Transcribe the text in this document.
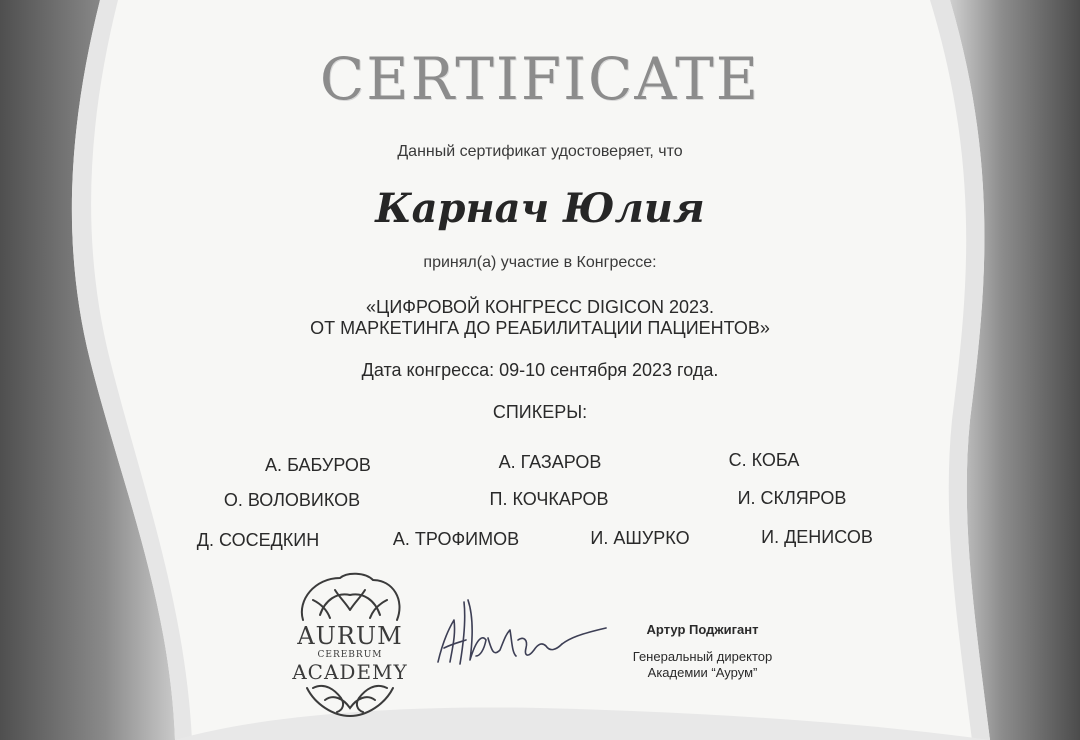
CERTIFICATE
Данный сертификат удостоверяет, что
Карнач Юлия
принял(а) участие в Конгрессе:
«ЦИФРОВОЙ КОНГРЕСС DIGICON 2023.
ОТ МАРКЕТИНГА ДО РЕАБИЛИТАЦИИ ПАЦИЕНТОВ»
Дата конгресса: 09-10 сентября 2023 года.
СПИКЕРЫ:
А. БАБУРОВ	А. ГАЗАРОВ	С. КОБА
О. ВОЛОВИКОВ	П. КОЧКАРОВ	И. СКЛЯРОВ
Д. СОСЕДКИН	А. ТРОФИМОВ	И. АШУРКО	И. ДЕНИСОВ
AURUM
CEREBRUM
ACADEMY
Артур Поджигант
Генеральный директор
Академии “Аурум”
